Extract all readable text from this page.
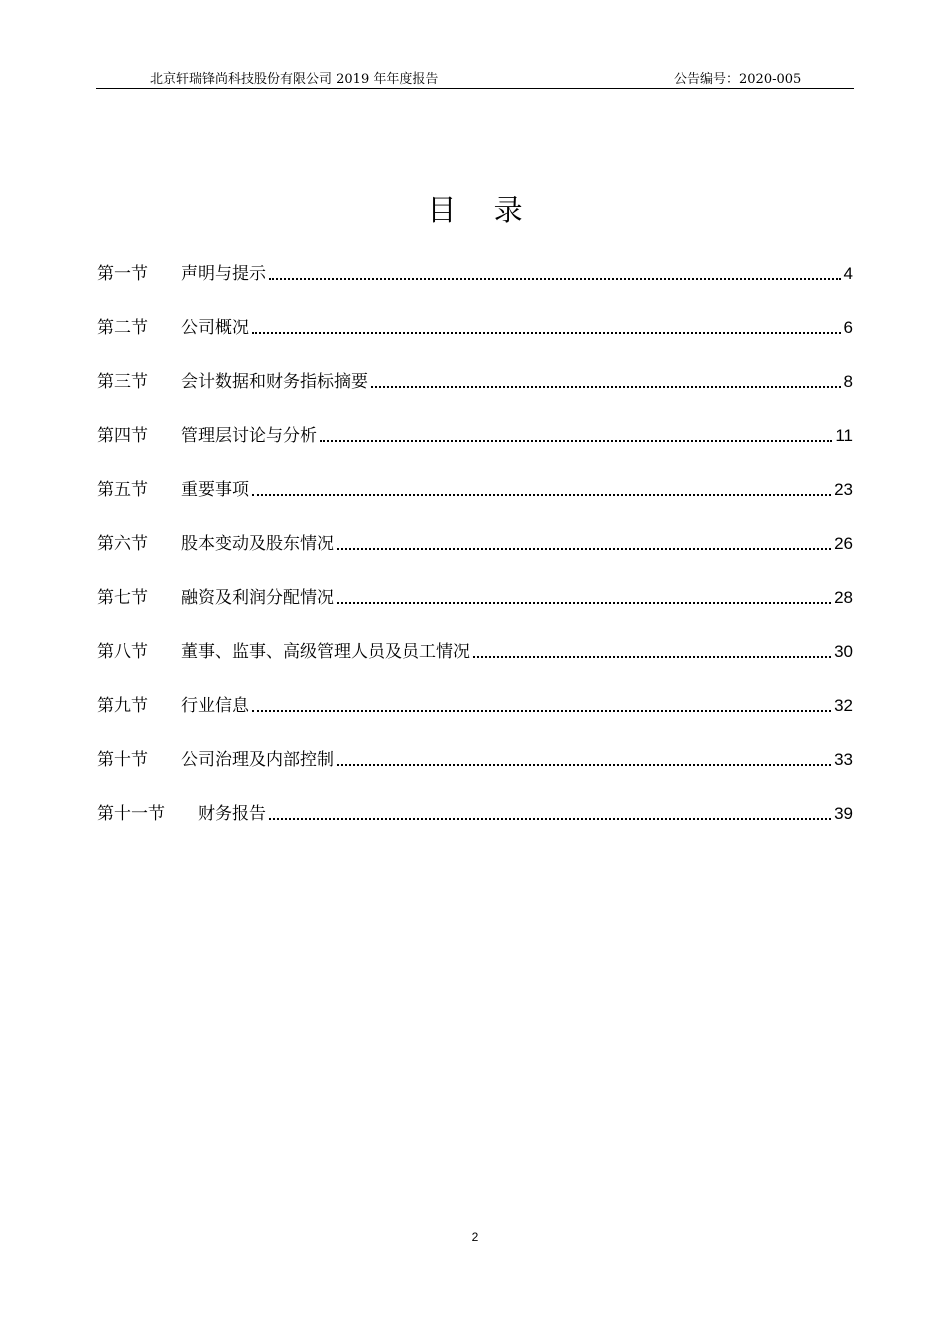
北京轩瑞锋尚科技股份有限公司 2019 年年度报告	公告编号：2020-005
目 录
第一节	声明与提示	4
第二节	公司概况	6
第三节	会计数据和财务指标摘要	8
第四节	管理层讨论与分析	11
第五节	重要事项	23
第六节	股本变动及股东情况	26
第七节	融资及利润分配情况	28
第八节	董事、监事、高级管理人员及员工情况	30
第九节	行业信息	32
第十节	公司治理及内部控制	33
第十一节	财务报告	39
2
